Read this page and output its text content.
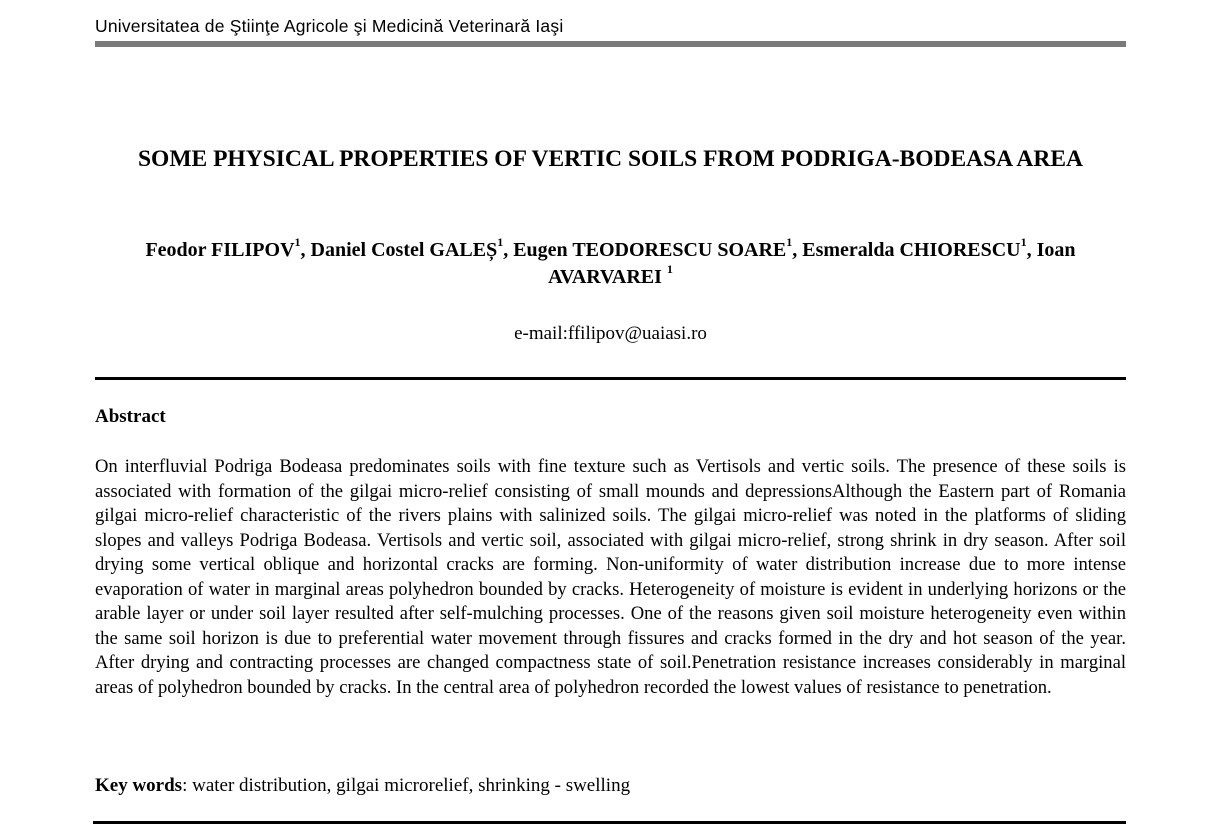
Universitatea de Ştiinţe Agricole şi Medicină Veterinară Iaşi
SOME PHYSICAL PROPERTIES OF VERTIC SOILS FROM PODRIGA-BODEASA AREA
Feodor FILIPOV$^1$, Daniel Costel GALEȘ$^1$, Eugen TEODORESCU SOARE$^1$, Esmeralda CHIORESCU$^1$, Ioan AVARVAREI $^1$
e-mail:ffilipov@uaiasi.ro
Abstract
On interfluvial Podriga Bodeasa predominates soils with fine texture such as Vertisols and vertic soils. The presence of these soils is associated with formation of the gilgai micro-relief consisting of small mounds and depressionsAlthough the Eastern part of Romania gilgai micro-relief characteristic of the rivers plains with salinized soils. The gilgai micro-relief was noted in the platforms of sliding slopes and valleys Podriga Bodeasa. Vertisols and vertic soil, associated with gilgai micro-relief, strong shrink in dry season. After soil drying some vertical oblique and horizontal cracks are forming. Non-uniformity of water distribution increase due to more intense evaporation of water in marginal areas polyhedron bounded by cracks. Heterogeneity of moisture is evident in underlying horizons or the arable layer or under soil layer resulted after self-mulching processes. One of the reasons given soil moisture heterogeneity even within the same soil horizon is due to preferential water movement through fissures and cracks formed in the dry and hot season of the year. After drying and contracting processes are changed compactness state of soil.Penetration resistance increases considerably in marginal areas of polyhedron bounded by cracks. In the central area of polyhedron recorded the lowest values of resistance to penetration.
Key words: water distribution, gilgai microrelief, shrinking - swelling
